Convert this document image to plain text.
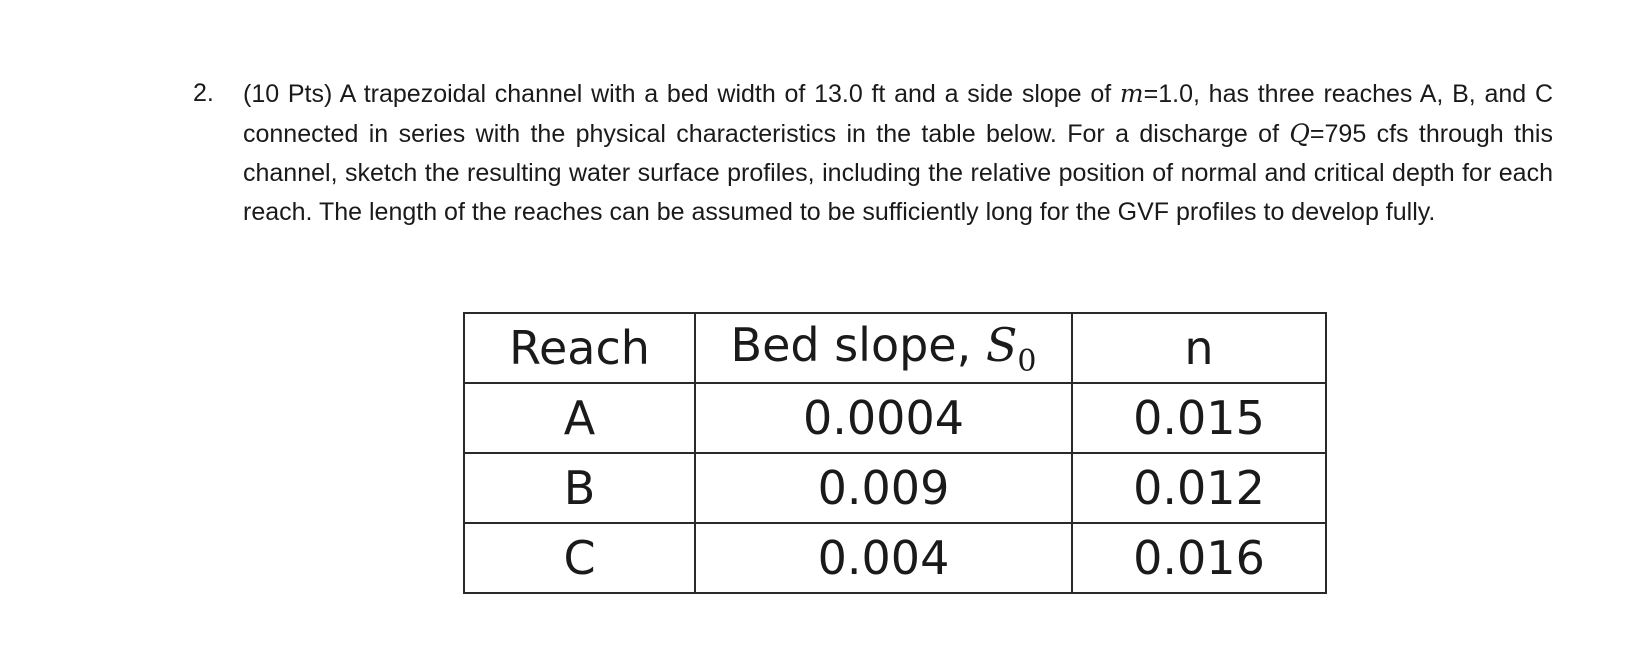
2. (10 Pts) A trapezoidal channel with a bed width of 13.0 ft and a side slope of m=1.0, has three reaches A, B, and C connected in series with the physical characteristics in the table below. For a discharge of Q=795 cfs through this channel, sketch the resulting water surface profiles, including the relative position of normal and critical depth for each reach. The length of the reaches can be assumed to be sufficiently long for the GVF profiles to develop fully.
Reach	Bed slope, $S_0$	n
A	0.0004	0.015
B	0.009	0.012
C	0.004	0.016
